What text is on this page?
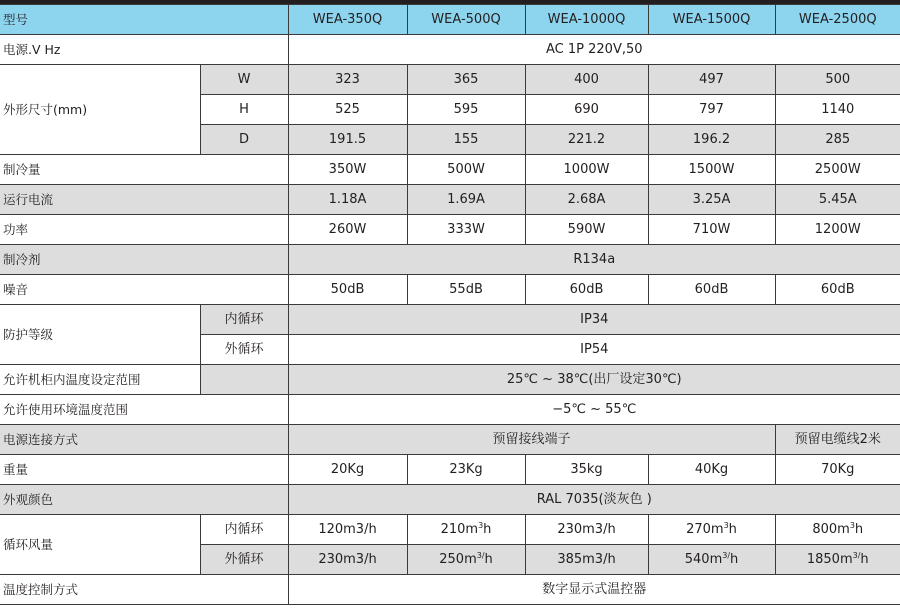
型号		WEA-350Q	WEA-500Q	WEA-1000Q	WEA-1500Q	WEA-2500Q
电源.V Hz		AC 1P 220V,50				
外形尺寸(mm)	W	323	365	400	497	500
	H	525	595	690	797	1140
	D	191.5	155	221.2	196.2	285
制冷量		350W	500W	1000W	1500W	2500W
运行电流		1.18A	1.69A	2.68A	3.25A	5.45A
功率		260W	333W	590W	710W	1200W
制冷剂		R134a				
噪音		50dB	55dB	60dB	60dB	60dB
防护等级	内循环	IP34				
	外循环	IP54				
允许机柜内温度设定范围		25℃ ~ 38℃(出厂设定30℃)				
允许使用环境温度范围		−5℃ ~ 55℃				
电源连接方式		预留接线端子				预留电缆线2米
重量		20Kg	23Kg	35kg	40Kg	70Kg
外观颜色		RAL 7035(淡灰色 )				
循环风量	内循环	120m3/h	$210m^3h$	230m3/h	$270m^3h$	$800m^3h$
	外循环	230m3/h	$250m^{3/}h$	385m3/h	$540m^{3/}h$	$1850m^{3/}h$
温度控制方式		数字显示式温控器				
